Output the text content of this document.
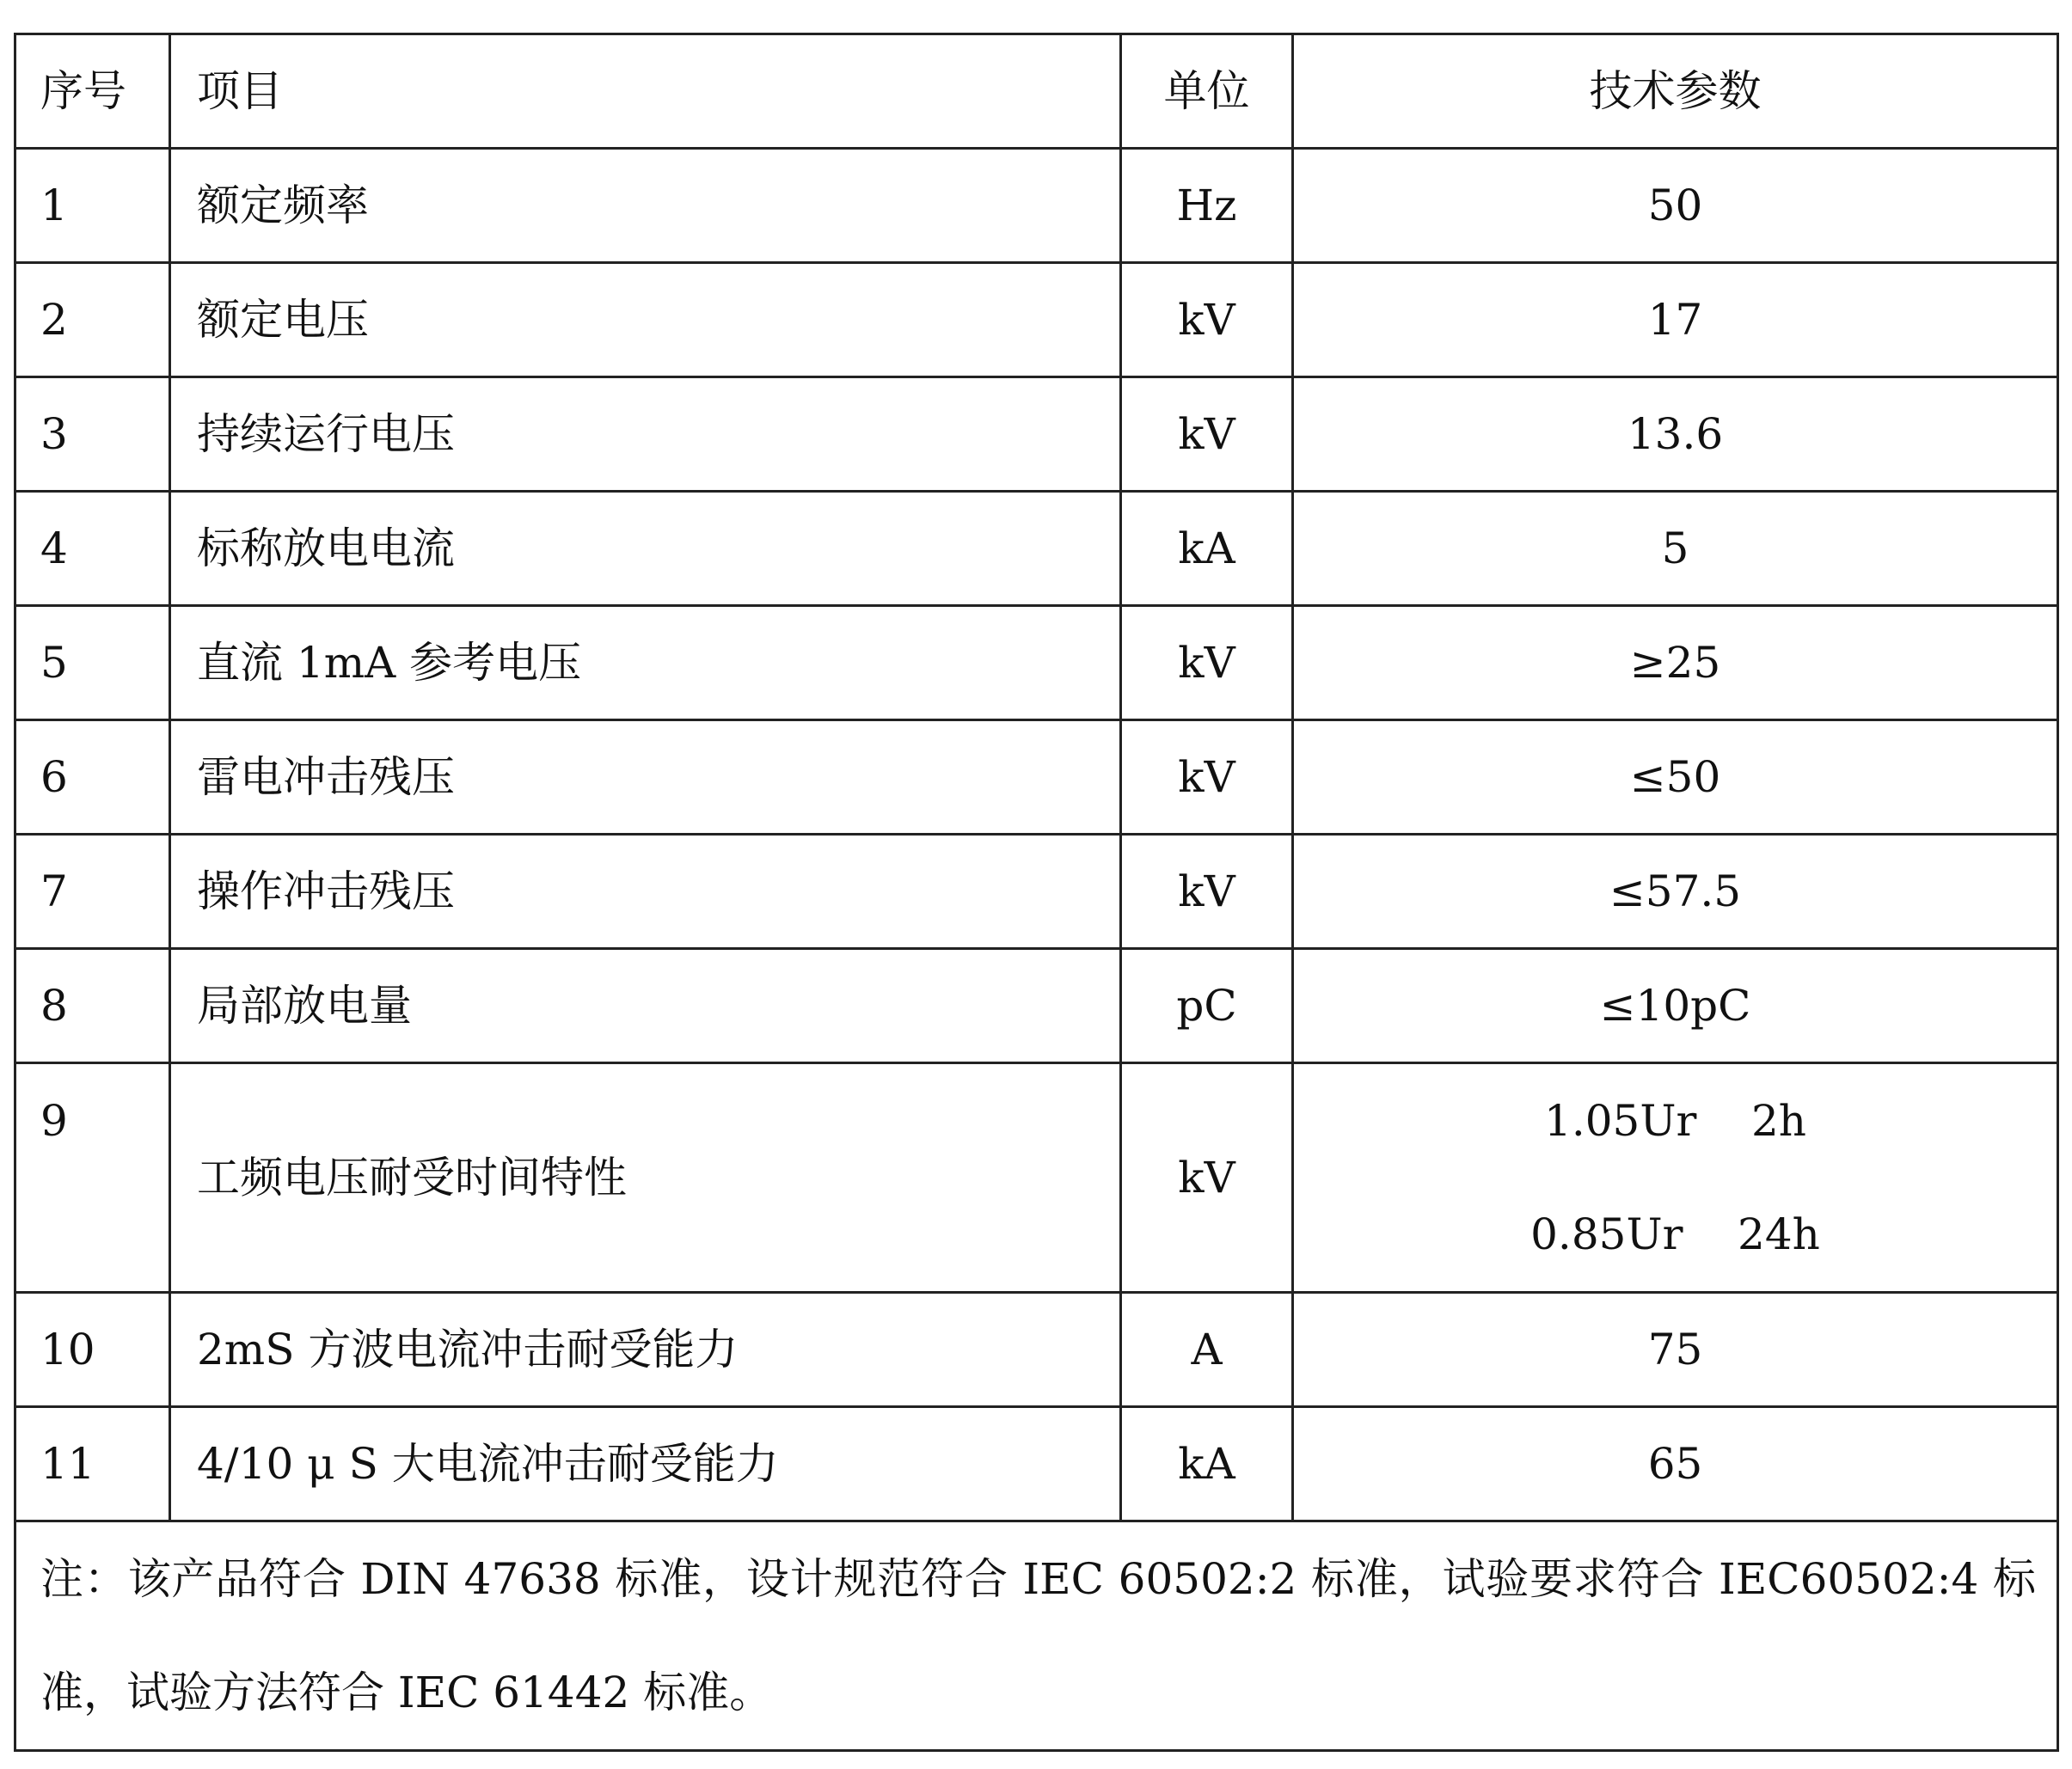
序号	项目	单位	技术参数
1	额定频率	Hz	50
2	额定电压	kV	17
3	持续运行电压	kV	13.6
4	标称放电电流	kA	5
5	直流 1mA 参考电压	kV	≥25
6	雷电冲击残压	kV	≤50
7	操作冲击残压	kV	≤57.5
8	局部放电量	pC	≤10pC
9	工频电压耐受时间特性	kV	1.05Ur    2h
0.85Ur    24h

10	2mS 方波电流冲击耐受能力	A	75
11	4/10 μ S 大电流冲击耐受能力	kA	65
注：该产品符合 DIN 47638 标准，设计规范符合 IEC 60502:2 标准，试验要求符合 IEC60502:4 标准，试验方法符合 IEC 61442 标准。			
